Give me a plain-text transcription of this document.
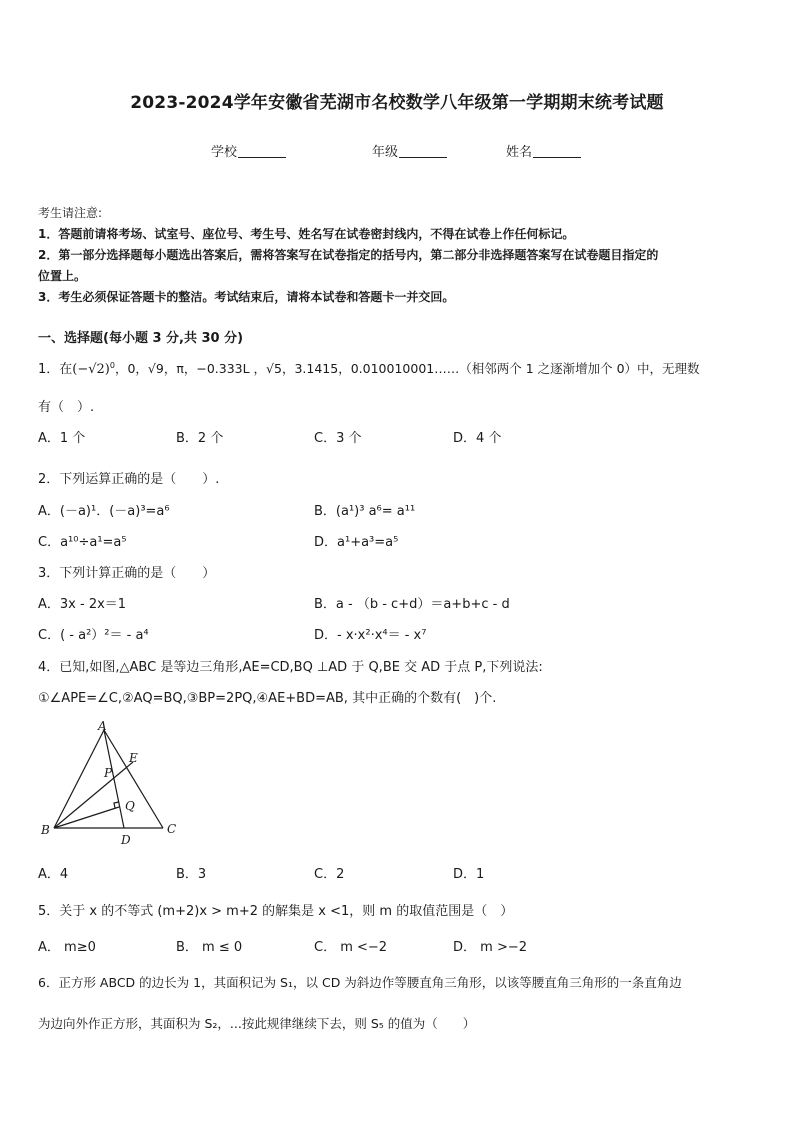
2023-2024学年安徽省芜湖市名校数学八年级第一学期期末统考试题
学校	年级	姓名
考生请注意:
1．答题前请将考场、试室号、座位号、考生号、姓名写在试卷密封线内，不得在试卷上作任何标记。
2．第一部分选择题每小题选出答案后，需将答案写在试卷指定的括号内，第二部分非选择题答案写在试卷题目指定的
位置上。
3．考生必须保证答题卡的整洁。考试结束后，请将本试卷和答题卡一并交回。
一、选择题(每小题 3 分,共 30 分)
1．在$(-√2)^0$，0，√9，π，−0.333L ，√5，3.1415，0.010010001……（相邻两个 1 之逐渐增加个 0）中，无理数
有（　）.
A．1 个	B．2 个	C．3 个	D．4 个
2．下列运算正确的是（　　）.
A．(－a)¹．(－a)³=a⁶	B．(a¹)³ a⁶= a¹¹
C．a¹⁰÷a¹=a⁵	D．a¹+a³=a⁵
3．下列计算正确的是（　　）
A．3x - 2x＝1	B．a - （b - c+d）＝a+b+c - d
C．( - a²）²＝ - a⁴	D．- x·x²·x⁴＝ - x⁷
4．已知,如图,△ABC 是等边三角形,AE=CD,BQ ⊥AD 于 Q,BE 交 AD 于点 P,下列说法:
①∠APE=∠C,②AQ=BQ,③BP=2PQ,④AE+BD=AB, 其中正确的个数有(　)个.
A
B	C
D
E
P
Q
A．4	B．3	C．2	D．1
5．关于 x 的不等式 (m+2)x > m+2 的解集是 x <1，则 m 的取值范围是（　）
A． m≥0	B． m ≤ 0	C． m <−2	D． m >−2
6．正方形 ABCD 的边长为 1，其面积记为 S₁，以 CD 为斜边作等腰直角三角形，以该等腰直角三角形的一条直角边
为边向外作正方形，其面积为 S₂，...按此规律继续下去，则 S₅ 的值为（　　）
